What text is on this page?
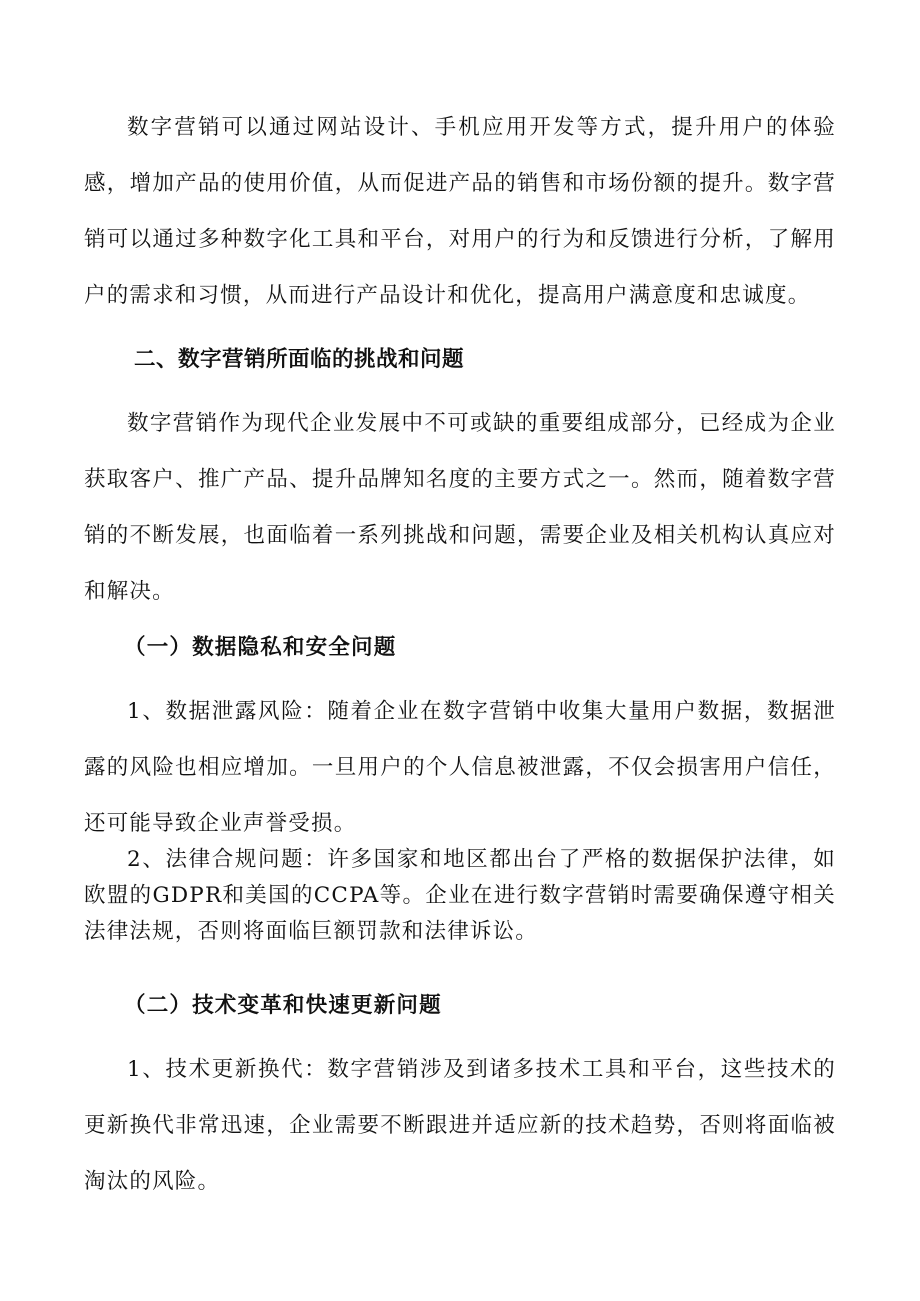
数字营销可以通过网站设计、手机应用开发等方式，提升用户的体验感，增加产品的使用价值，从而促进产品的销售和市场份额的提升。数字营销可以通过多种数字化工具和平台，对用户的行为和反馈进行分析，了解用户的需求和习惯，从而进行产品设计和优化，提高用户满意度和忠诚度。

二、数字营销所面临的挑战和问题

数字营销作为现代企业发展中不可或缺的重要组成部分，已经成为企业获取客户、推广产品、提升品牌知名度的主要方式之一。然而，随着数字营销的不断发展，也面临着一系列挑战和问题，需要企业及相关机构认真应对和解决。

（一）数据隐私和安全问题

1、数据泄露风险：随着企业在数字营销中收集大量用户数据，数据泄露的风险也相应增加。一旦用户的个人信息被泄露，不仅会损害用户信任，还可能导致企业声誉受损。

2、法律合规问题：许多国家和地区都出台了严格的数据保护法律，如欧盟的GDPR和美国的CCPA等。企业在进行数字营销时需要确保遵守相关法律法规，否则将面临巨额罚款和法律诉讼。

（二）技术变革和快速更新问题

1、技术更新换代：数字营销涉及到诸多技术工具和平台，这些技术的更新换代非常迅速，企业需要不断跟进并适应新的技术趋势，否则将面临被淘汰的风险。
